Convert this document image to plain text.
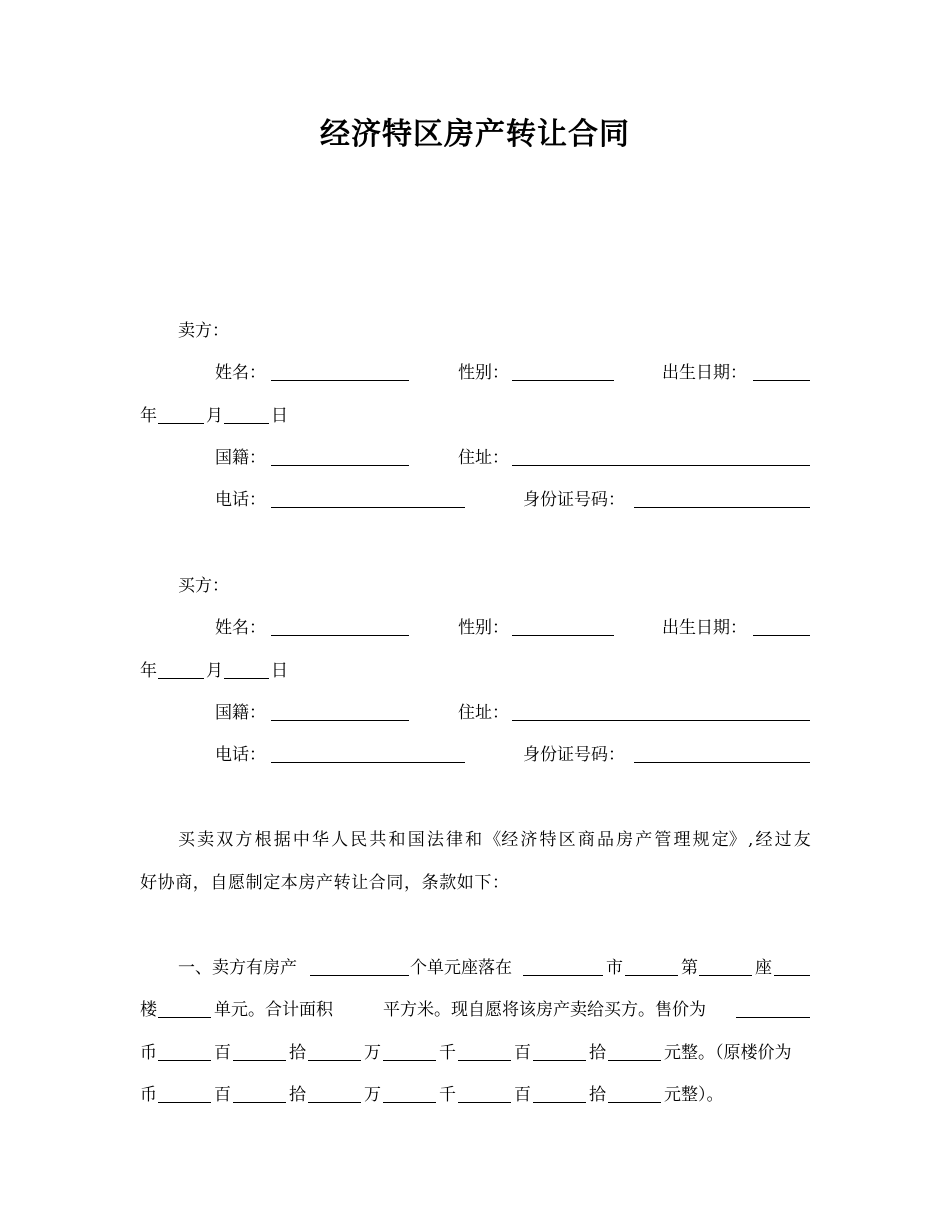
经济特区房产转让合同
卖方：
姓名：	性别：	出生日期：
年	月	日
国籍：	住址：
电话：	身份证号码：
买方：
姓名：	性别：	出生日期：
年	月	日
国籍：	住址：
电话：	身份证号码：
买 卖 双 方 根 据 中 华 人 民 共 和 国 法 律 和 《经 济 特 区 商 品 房 产 管 理 规 定》 , 经 过 友
好协商，自愿制定本房产转让合同，条款如下：
一、卖方有房产	个单元座落在	市	第	座
楼	单元。合计面积	平方米。现自愿将该房产卖给买方。售价为
币	百	拾	万	千	百	拾	元整。（原楼价为
币	百	拾	万	千	百	拾	元整）。
